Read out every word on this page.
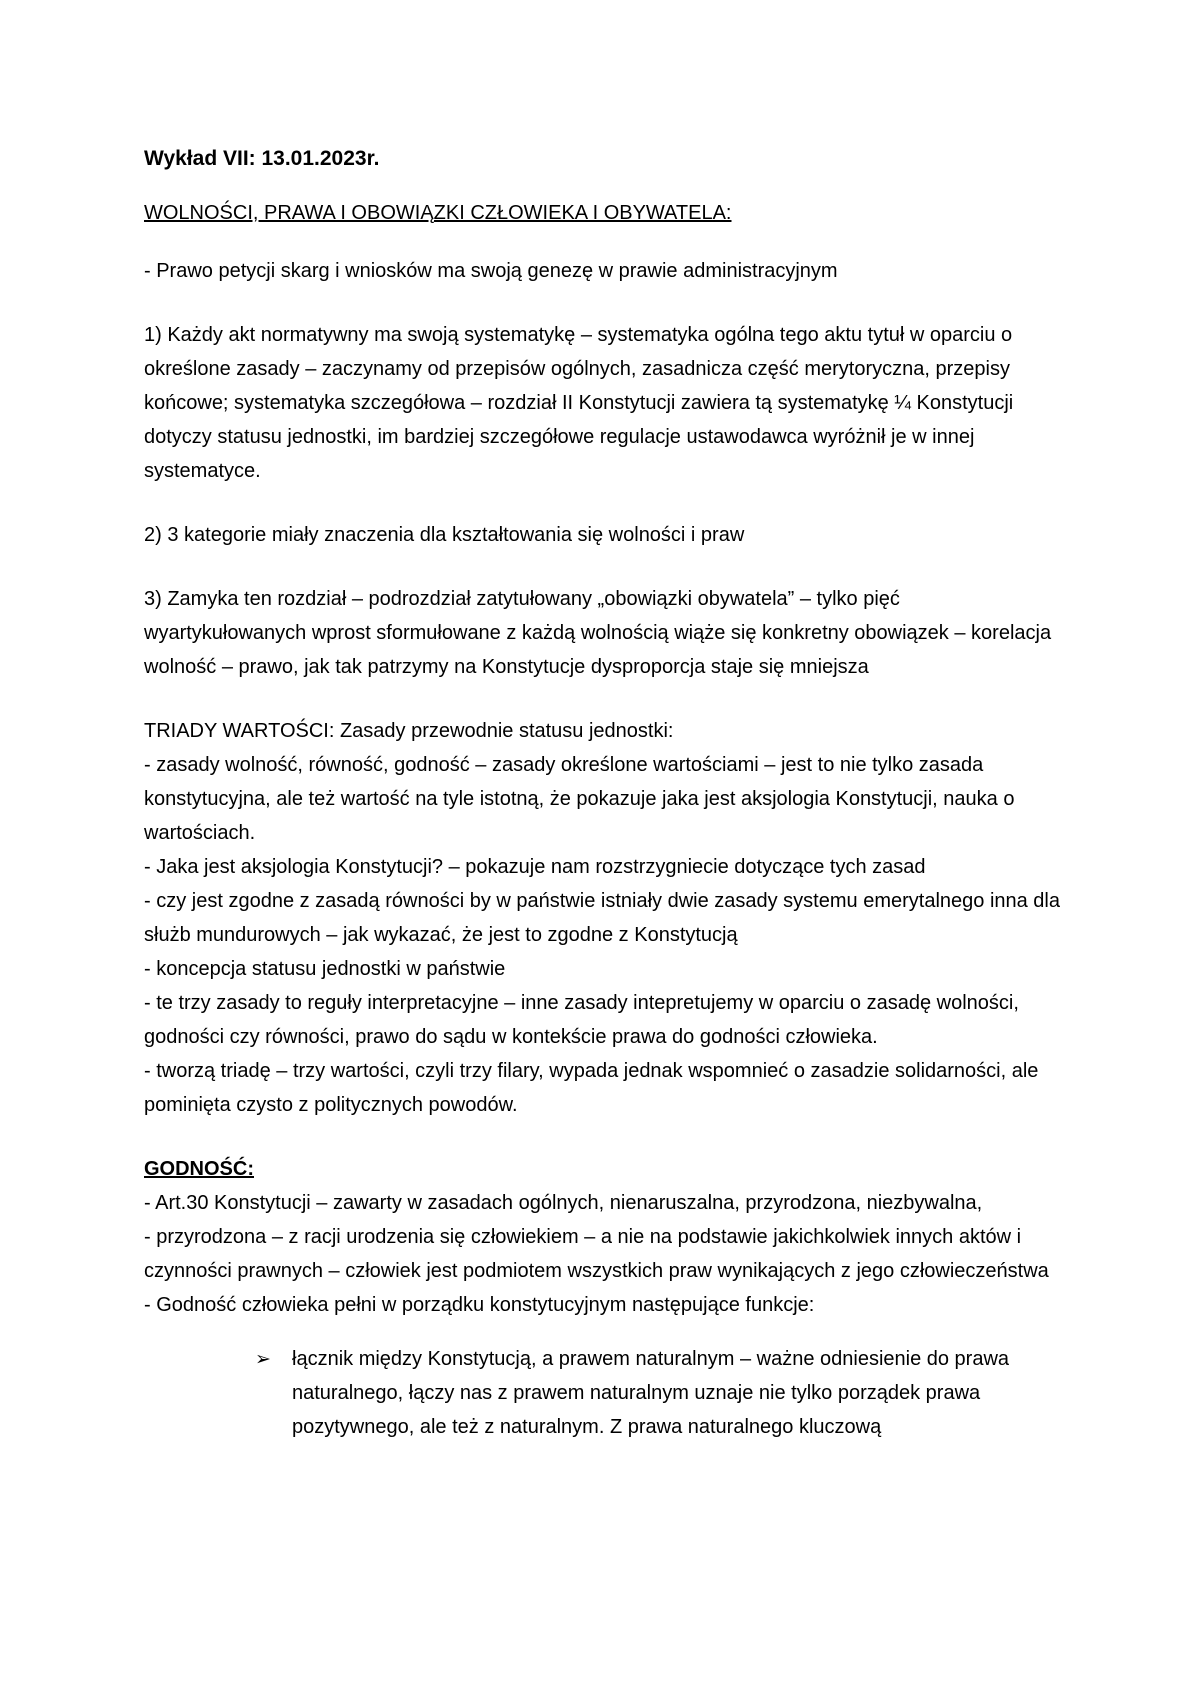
Wykład VII: 13.01.2023r.

WOLNOŚCI, PRAWA I OBOWIĄZKI CZŁOWIEKA I OBYWATELA:

- Prawo petycji skarg i wniosków ma swoją genezę w prawie administracyjnym

1) Każdy akt normatywny ma swoją systematykę – systematyka ogólna tego aktu tytuł w oparciu o określone zasady – zaczynamy od przepisów ogólnych, zasadnicza część merytoryczna, przepisy końcowe; systematyka szczegółowa – rozdział II Konstytucji zawiera tą systematykę ¼ Konstytucji dotyczy statusu jednostki, im bardziej szczegółowe regulacje ustawodawca wyróżnił je w innej systematyce.

2) 3 kategorie miały znaczenia dla kształtowania się wolności i praw

3) Zamyka ten rozdział – podrozdział zatytułowany „obowiązki obywatela” – tylko pięć wyartykułowanych wprost sformułowane z każdą wolnością wiąże się konkretny obowiązek – korelacja wolność – prawo, jak tak patrzymy na Konstytucje dysproporcja staje się mniejsza

TRIADY WARTOŚCI: Zasady przewodnie statusu jednostki:

- zasady wolność, równość, godność – zasady określone wartościami – jest to nie tylko zasada konstytucyjna, ale też wartość na tyle istotną, że pokazuje jaka jest aksjologia Konstytucji, nauka o wartościach.

- Jaka jest aksjologia Konstytucji? – pokazuje nam rozstrzygniecie dotyczące tych zasad

- czy jest zgodne z zasadą równości by w państwie istniały dwie zasady systemu emerytalnego inna dla służb mundurowych – jak wykazać, że jest to zgodne z Konstytucją

- koncepcja statusu jednostki w państwie

- te trzy zasady to reguły interpretacyjne – inne zasady intepretujemy w oparciu o zasadę wolności, godności czy równości, prawo do sądu w kontekście prawa do godności człowieka.

- tworzą triadę – trzy wartości, czyli trzy filary, wypada jednak wspomnieć o zasadzie solidarności, ale pominięta czysto z politycznych powodów.

GODNOŚĆ:

- Art.30 Konstytucji – zawarty w zasadach ogólnych, nienaruszalna, przyrodzona, niezbywalna,

- przyrodzona – z racji urodzenia się człowiekiem – a nie na podstawie jakichkolwiek innych aktów i czynności prawnych – człowiek jest podmiotem wszystkich praw wynikających z jego człowieczeństwa

- Godność człowieka pełni w porządku konstytucyjnym następujące funkcje:

➢	łącznik między Konstytucją, a prawem naturalnym – ważne odniesienie do prawa naturalnego, łączy nas z prawem naturalnym uznaje nie tylko porządek prawa pozytywnego, ale też z naturalnym. Z prawa naturalnego kluczową
